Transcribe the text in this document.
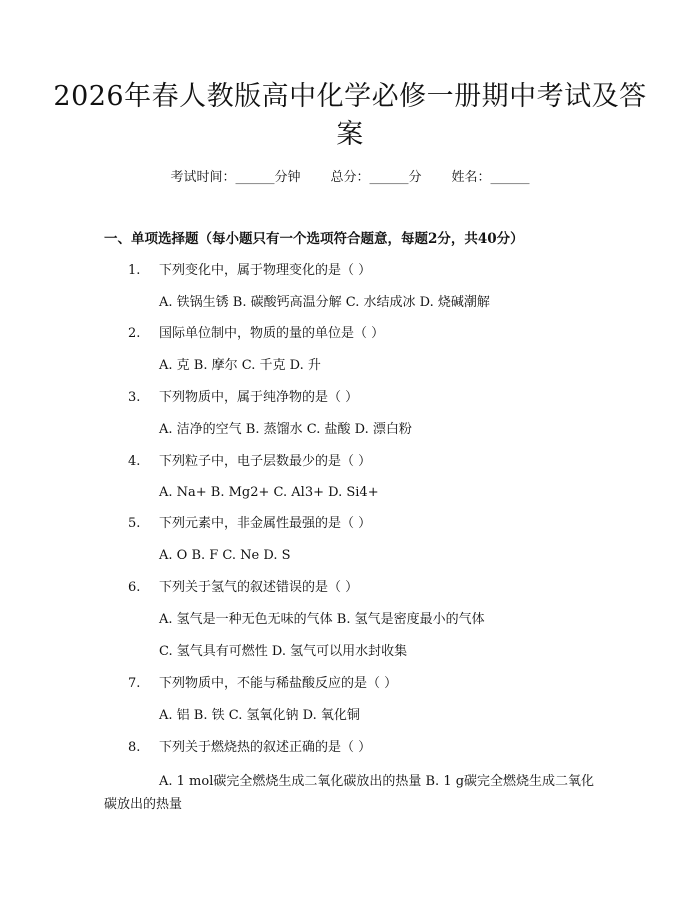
2026年春人教版高中化学必修一册期中考试及答案
考试时间：______分钟 总分：______分 姓名：______
一、单项选择题（每小题只有一个选项符合题意，每题2分，共40分）
1.	下列变化中，属于物理变化的是（ ）
A. 铁锅生锈 B. 碳酸钙高温分解 C. 水结成冰 D. 烧碱潮解
2.	国际单位制中，物质的量的单位是（ ）
A. 克 B. 摩尔 C. 千克 D. 升
3.	下列物质中，属于纯净物的是（ ）
A. 洁净的空气 B. 蒸馏水 C. 盐酸 D. 漂白粉
4.	下列粒子中，电子层数最少的是（ ）
A. Na+ B. Mg2+ C. Al3+ D. Si4+
5.	下列元素中，非金属性最强的是（ ）
A. O B. F C. Ne D. S
6.	下列关于氢气的叙述错误的是（ ）
A. 氢气是一种无色无味的气体 B. 氢气是密度最小的气体
C. 氢气具有可燃性 D. 氢气可以用水封收集
7.	下列物质中，不能与稀盐酸反应的是（ ）
A. 铝 B. 铁 C. 氢氧化钠 D. 氧化铜
8.	下列关于燃烧热的叙述正确的是（ ）
A. 1 mol碳完全燃烧生成二氧化碳放出的热量 B. 1 g碳完全燃烧生成二氧化碳放出的热量
